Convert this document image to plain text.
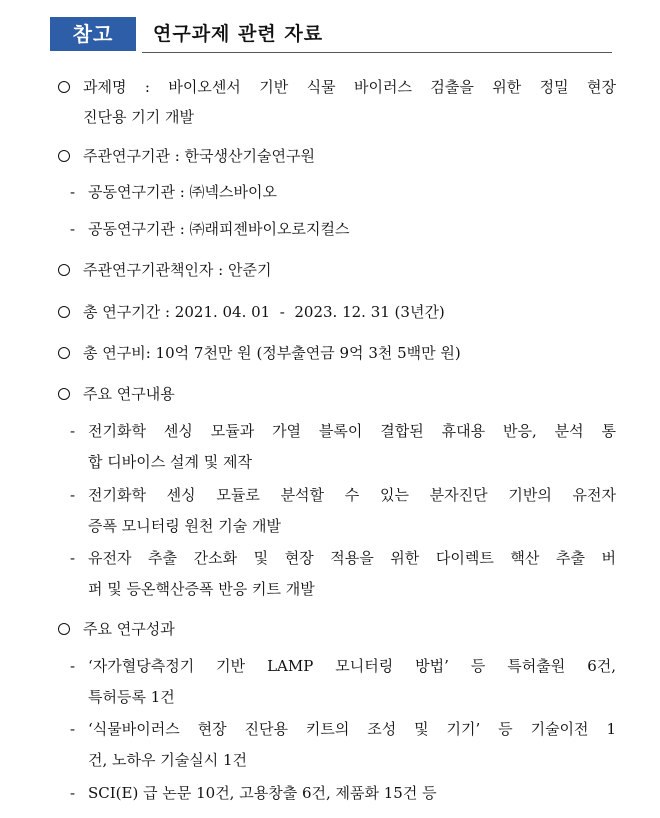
참고	연구과제 관련 자료
과제명 : 바이오센서 기반 식물 바이러스 검출을 위한 정밀 현장
진단용 기기 개발
주관연구기관 : 한국생산기술연구원
- 공동연구기관 : ㈜넥스바이오
- 공동연구기관 : ㈜래피젠바이오로지컬스
주관연구기관책인자 : 안준기
총 연구기간 : 2021. 04. 01  -  2023. 12. 31 (3년간)
총 연구비: 10억 7천만 원 (정부출연금 9억 3천 5백만 원)
주요 연구내용
- 전기화학 센싱 모듈과 가열 블록이 결합된 휴대용 반응, 분석 통
합 디바이스 설계 및 제작
- 전기화학 센싱 모듈로 분석할 수 있는 분자진단 기반의 유전자
증폭 모니터링 원천 기술 개발
- 유전자 추출 간소화 및 현장 적용을 위한 다이렉트 핵산 추출 버
퍼 및 등온핵산증폭 반응 키트 개발
주요 연구성과
- ‘자가혈당측정기 기반 LAMP 모니터링 방법’ 등 특허출원 6건,
특허등록 1건
- ‘식물바이러스 현장 진단용 키트의 조성 및 기기’ 등 기술이전 1
건, 노하우 기술실시 1건
- SCI(E) 급 논문 10건, 고용창출 6건, 제품화 15건 등
